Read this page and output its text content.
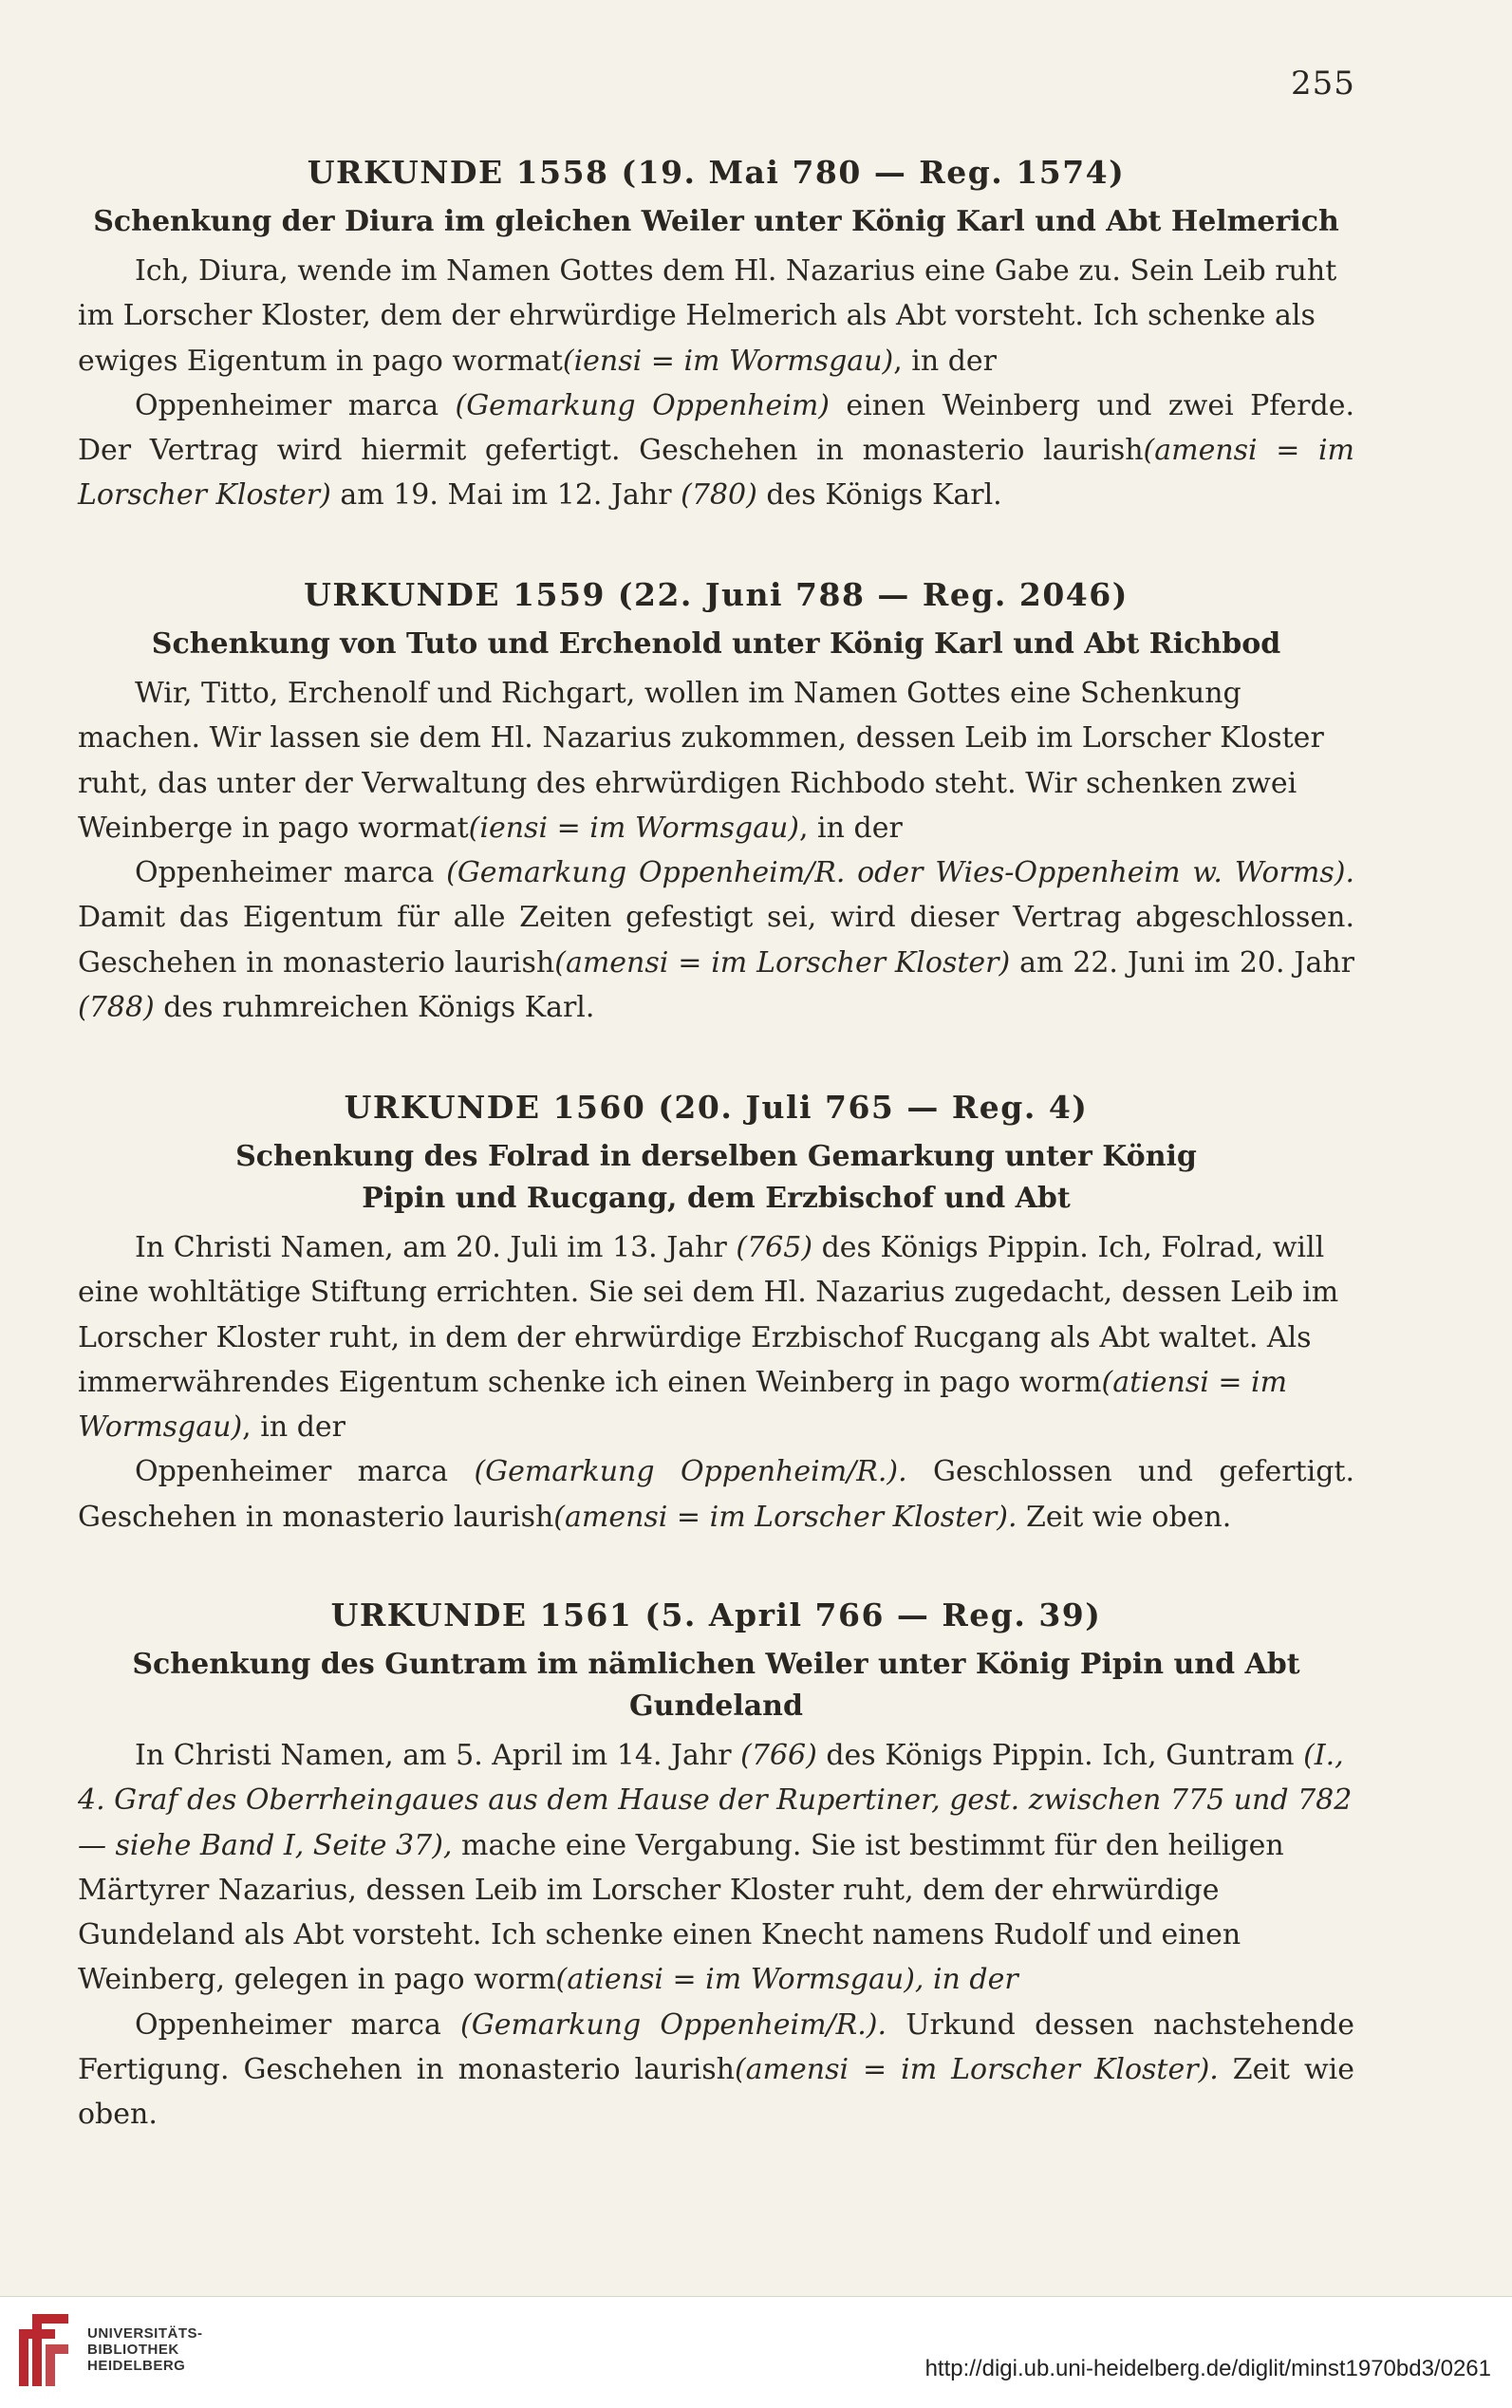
255
URKUNDE 1558 (19. Mai 780 — Reg. 1574)
Schenkung der Diura im gleichen Weiler unter König Karl und Abt Helmerich

Ich, Diura, wende im Namen Gottes dem Hl. Nazarius eine Gabe zu. Sein Leib ruht im Lorscher Kloster, dem der ehrwürdige Helmerich als Abt vorsteht. Ich schenke als ewiges Eigentum in pago wormat(iensi = im Wormsgau), in der

Oppenheimer marca (Gemarkung Oppenheim) einen Weinberg und zwei Pferde. Der Vertrag wird hiermit gefertigt. Geschehen in monasterio laurish(amensi = im Lorscher Kloster) am 19. Mai im 12. Jahr (780) des Königs Karl.

URKUNDE 1559 (22. Juni 788 — Reg. 2046)
Schenkung von Tuto und Erchenold unter König Karl und Abt Richbod

Wir, Titto, Erchenolf und Richgart, wollen im Namen Gottes eine Schenkung machen. Wir lassen sie dem Hl. Nazarius zukommen, dessen Leib im Lorscher Kloster ruht, das unter der Verwaltung des ehrwürdigen Richbodo steht. Wir schenken zwei Weinberge in pago wormat(iensi = im Wormsgau), in der

Oppenheimer marca (Gemarkung Oppenheim/R. oder Wies-Oppenheim w. Worms). Damit das Eigentum für alle Zeiten gefestigt sei, wird dieser Vertrag abgeschlossen. Geschehen in monasterio laurish(amensi = im Lorscher Kloster) am 22. Juni im 20. Jahr (788) des ruhmreichen Königs Karl.

URKUNDE 1560 (20. Juli 765 — Reg. 4)
Schenkung des Folrad in derselben Gemarkung unter König Pipin und Rucgang, dem Erzbischof und Abt

In Christi Namen, am 20. Juli im 13. Jahr (765) des Königs Pippin. Ich, Folrad, will eine wohltätige Stiftung errichten. Sie sei dem Hl. Nazarius zugedacht, dessen Leib im Lorscher Kloster ruht, in dem der ehrwürdige Erzbischof Rucgang als Abt waltet. Als immerwährendes Eigentum schenke ich einen Weinberg in pago worm(atiensi = im Wormsgau), in der

Oppenheimer marca (Gemarkung Oppenheim/R.). Geschlossen und gefertigt. Geschehen in monasterio laurish(amensi = im Lorscher Kloster). Zeit wie oben.

URKUNDE 1561 (5. April 766 — Reg. 39)
Schenkung des Guntram im nämlichen Weiler unter König Pipin und Abt Gundeland

In Christi Namen, am 5. April im 14. Jahr (766) des Königs Pippin. Ich, Guntram (I., 4. Graf des Oberrheingaues aus dem Hause der Rupertiner, gest. zwischen 775 und 782 — siehe Band I, Seite 37), mache eine Vergabung. Sie ist bestimmt für den heiligen Märtyrer Nazarius, dessen Leib im Lorscher Kloster ruht, dem der ehrwürdige Gundeland als Abt vorsteht. Ich schenke einen Knecht namens Rudolf und einen Weinberg, gelegen in pago worm(atiensi = im Wormsgau), in der

Oppenheimer marca (Gemarkung Oppenheim/R.). Urkund dessen nachstehende Fertigung. Geschehen in monasterio laurish(amensi = im Lorscher Kloster). Zeit wie oben.

UNIVERSITÄTS-
BIBLIOTHEK
HEIDELBERG	http://digi.ub.uni-heidelberg.de/diglit/minst1970bd3/0261
